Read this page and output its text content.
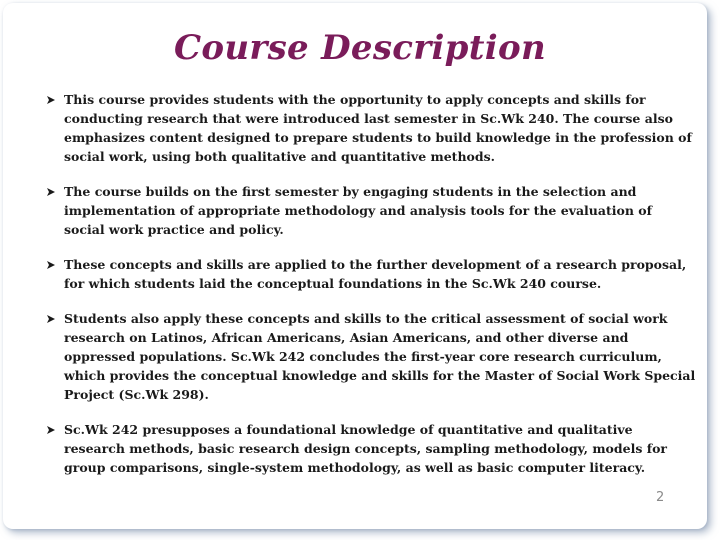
Course Description
This course provides students with the opportunity to apply concepts and skills for conducting research that were introduced last semester in Sc.Wk 240. The course also emphasizes content designed to prepare students to build knowledge in the profession of social work, using both qualitative and quantitative methods.
The course builds on the first semester by engaging students in the selection and implementation of appropriate methodology and analysis tools for the evaluation of social work practice and policy.
These concepts and skills are applied to the further development of a research proposal, for which students laid the conceptual foundations in the Sc.Wk 240 course.
Students also apply these concepts and skills to the critical assessment of social work research on Latinos, African Americans, Asian Americans, and other diverse and oppressed populations. Sc.Wk 242 concludes the first-year core research curriculum, which provides the conceptual knowledge and skills for the Master of Social Work Special Project (Sc.Wk 298).
Sc.Wk 242 presupposes a foundational knowledge of quantitative and qualitative research methods, basic research design concepts, sampling methodology, models for group comparisons, single-system methodology, as well as basic computer literacy.
2
